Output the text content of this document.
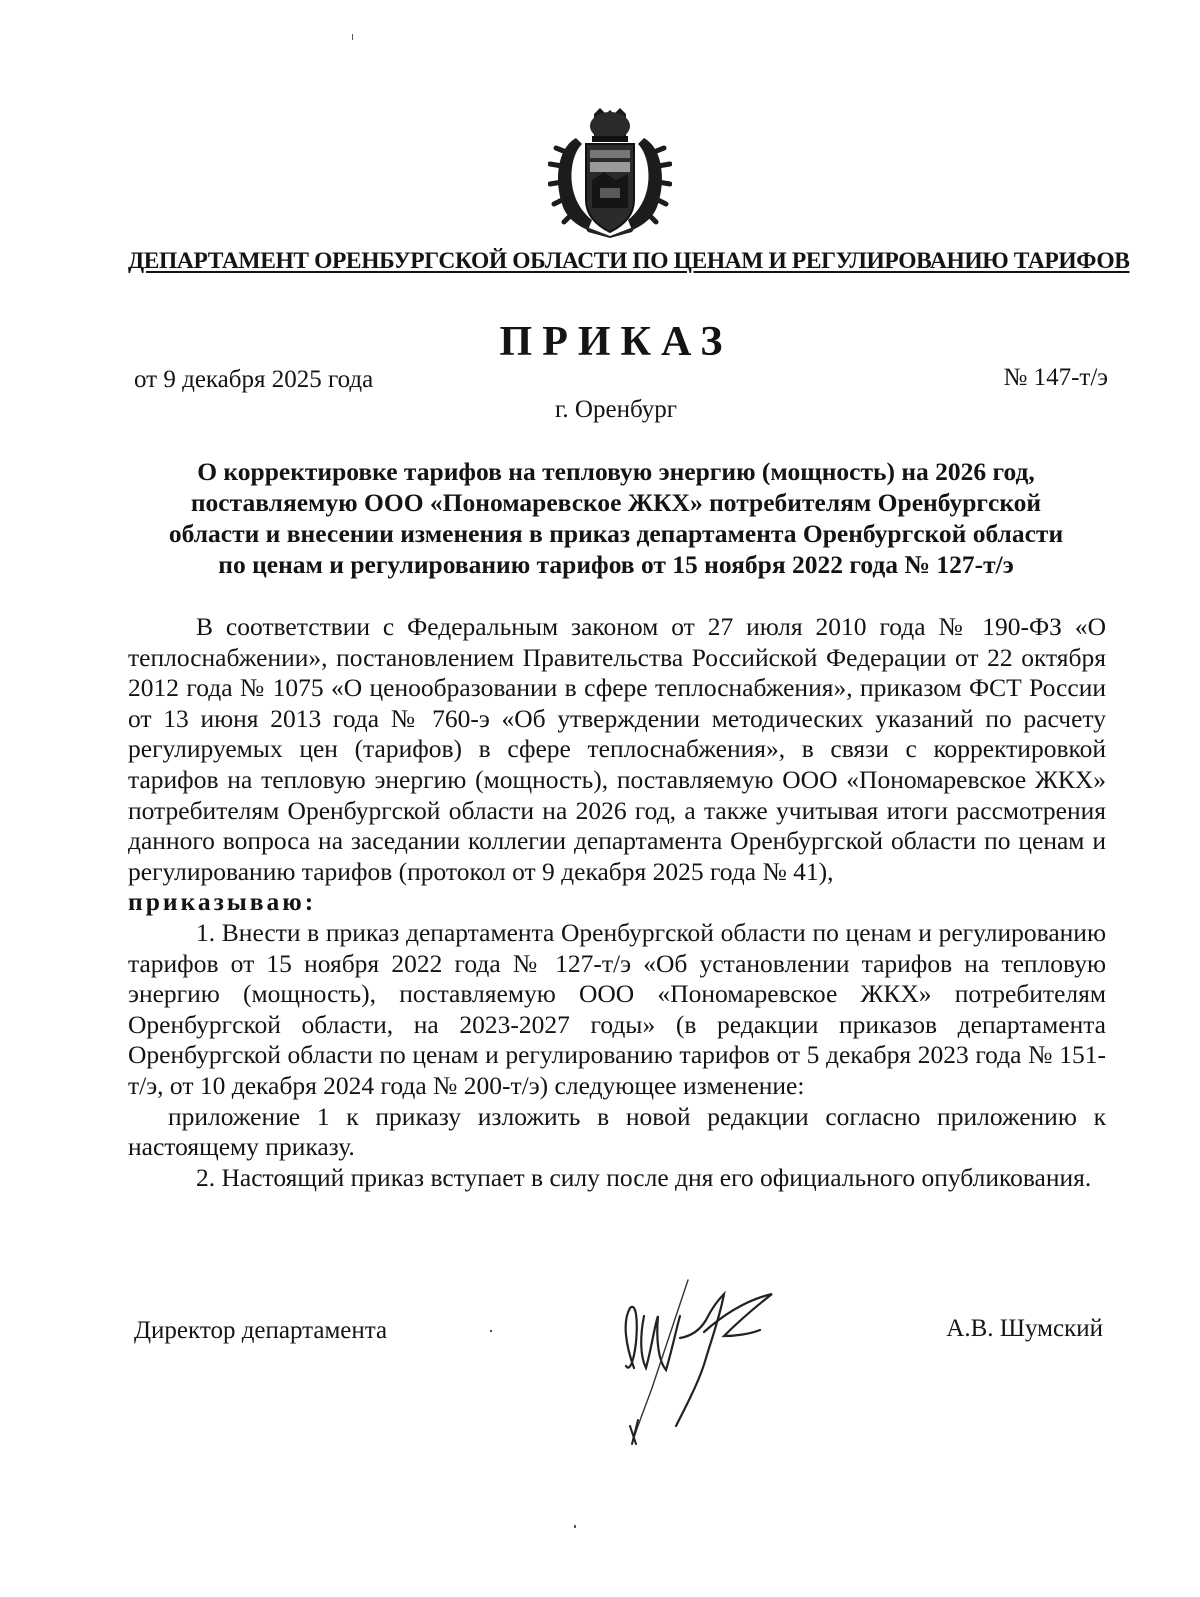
ДЕПАРТАМЕНТ ОРЕНБУРГСКОЙ ОБЛАСТИ ПО ЦЕНАМ И РЕГУЛИРОВАНИЮ ТАРИФОВ
ПРИКАЗ
от 9 декабря 2025 года	№ 147-т/э
г. Оренбург
О корректировке тарифов на тепловую энергию (мощность) на 2026 год,
поставляемую ООО «Пономаревское ЖКХ» потребителям Оренбургской
области и внесении изменения в приказ департамента Оренбургской области
по ценам и регулированию тарифов от 15 ноября 2022 года № 127-т/э

В соответствии с Федеральным законом от 27 июля 2010 года № 190-ФЗ «О теплоснабжении», постановлением Правительства Российской Федерации от 22 октября 2012 года № 1075 «О ценообразовании в сфере теплоснабжения», приказом ФСТ России от 13 июня 2013 года № 760-э «Об утверждении методических указаний по расчету регулируемых цен (тарифов) в сфере теплоснабжения», в связи с корректировкой тарифов на тепловую энергию (мощность), поставляемую ООО «Пономаревское ЖКХ» потребителям Оренбургской области на 2026 год, а также учитывая итоги рассмотрения данного вопроса на заседании коллегии департамента Оренбургской области по ценам и регулированию тарифов (протокол от 9 декабря 2025 года № 41),

приказываю:

1. Внести в приказ департамента Оренбургской области по ценам и регулированию тарифов от 15 ноября 2022 года № 127-т/э «Об установлении тарифов на тепловую энергию (мощность), поставляемую ООО «Пономаревское ЖКХ» потребителям Оренбургской области, на 2023-2027 годы» (в редакции приказов департамента Оренбургской области по ценам и регулированию тарифов от 5 декабря 2023 года № 151-т/э, от 10 декабря 2024 года № 200-т/э) следующее изменение:

приложение 1 к приказу изложить в новой редакции согласно приложению к настоящему приказу.

2. Настоящий приказ вступает в силу после дня его официального опубликования.

Директор департамента	А.В. Шумский
